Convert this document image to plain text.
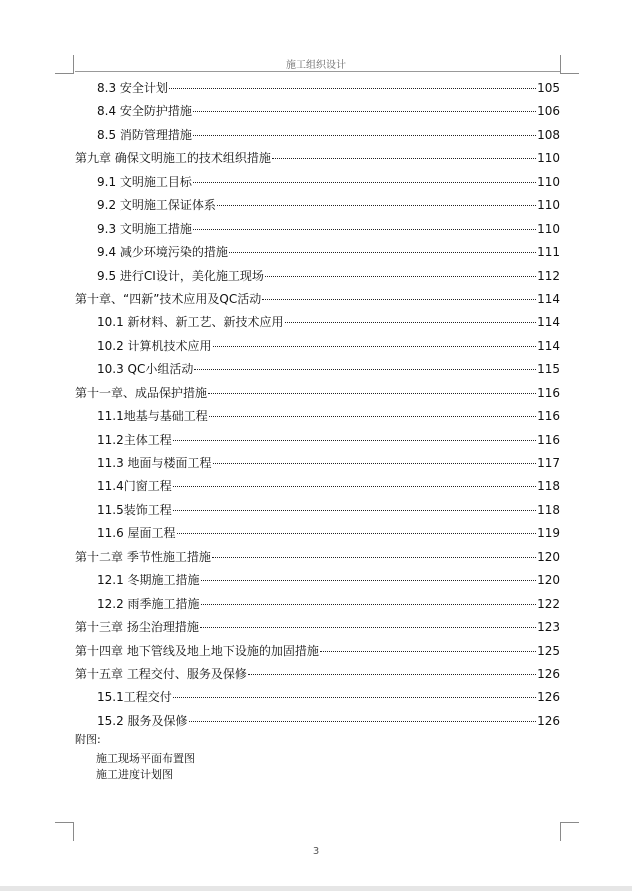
施工组织设计
8.3 安全计划	105
8.4 安全防护措施	106
8.5 消防管理措施	108
第九章 确保文明施工的技术组织措施	110
9.1 文明施工目标	110
9.2 文明施工保证体系	110
9.3 文明施工措施	110
9.4 减少环境污染的措施	111
9.5 进行CI设计，美化施工现场	112
第十章、“四新”技术应用及QC活动	114
10.1 新材料、新工艺、新技术应用	114
10.2 计算机技术应用	114
10.3 QC小组活动	115
第十一章、成品保护措施	116
11.1地基与基础工程	116
11.2主体工程	116
11.3 地面与楼面工程	117
11.4门窗工程	118
11.5装饰工程	118
11.6 屋面工程	119
第十二章 季节性施工措施	120
12.1 冬期施工措施	120
12.2 雨季施工措施	122
第十三章 扬尘治理措施	123
第十四章 地下管线及地上地下设施的加固措施	125
第十五章 工程交付、服务及保修	126
15.1工程交付	126
15.2 服务及保修	126
附图:
施工现场平面布置图
施工进度计划图
3
